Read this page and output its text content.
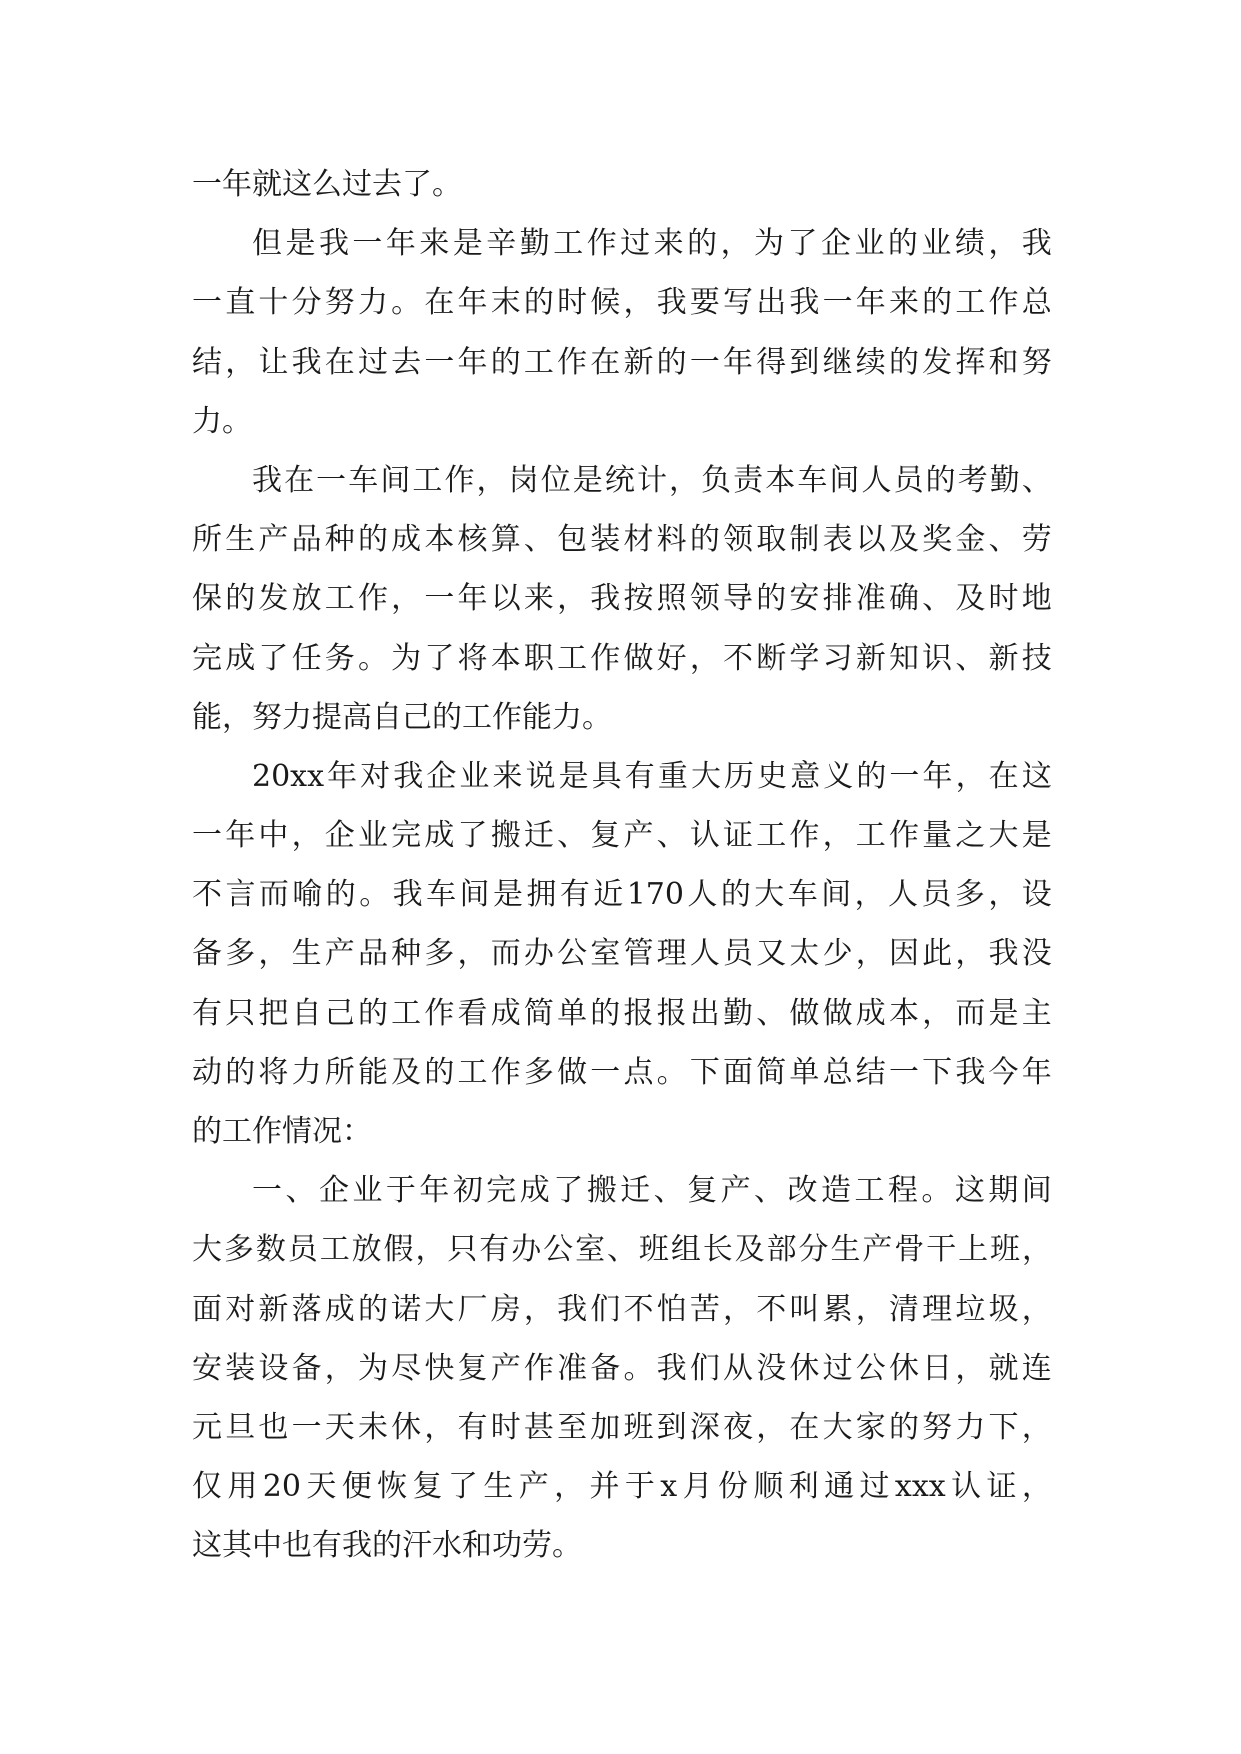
一年就这么过去了。
但 是 我 一 年 来 是 辛 勤 工 作 过 来 的 ， 为 了 企 业 的 业 绩 ， 我
一 直 十 分 努 力 。 在 年 末 的 时 候 ， 我 要 写 出 我 一 年 来 的 工 作 总
结 ， 让 我 在 过 去 一 年 的 工 作 在 新 的 一 年 得 到 继 续 的 发 挥 和 努
力。
我 在 一 车 间 工 作 ， 岗 位 是 统 计 ， 负 责 本 车 间 人 员 的 考 勤 、
所 生 产 品 种 的 成 本 核 算 、 包 装 材 料 的 领 取 制 表 以 及 奖 金 、 劳
保 的 发 放 工 作 ， 一 年 以 来 ， 我 按 照 领 导 的 安 排 准 确 、 及 时 地
完 成 了 任 务 。 为 了 将 本 职 工 作 做 好 ， 不 断 学 习 新 知 识 、 新 技
能，努力提高自己的工作能力。
20xx 年 对 我 企 业 来 说 是 具 有 重 大 历 史 意 义 的 一 年 ， 在 这
一 年 中 ， 企 业 完 成 了 搬 迁 、 复 产 、 认 证 工 作 ， 工 作 量 之 大 是
不 言 而 喻 的 。 我 车 间 是 拥 有 近 170 人 的 大 车 间 ， 人 员 多 ， 设
备 多 ， 生 产 品 种 多 ， 而 办 公 室 管 理 人 员 又 太 少 ， 因 此 ， 我 没
有 只 把 自 己 的 工 作 看 成 简 单 的 报 报 出 勤 、 做 做 成 本 ， 而 是 主
动 的 将 力 所 能 及 的 工 作 多 做 一 点 。 下 面 简 单 总 结 一 下 我 今 年
的工作情况：
一 、 企 业 于 年 初 完 成 了 搬 迁 、 复 产 、 改 造 工 程 。 这 期 间
大 多 数 员 工 放 假 ， 只 有 办 公 室 、 班 组 长 及 部 分 生 产 骨 干 上 班 ，
面 对 新 落 成 的 诺 大 厂 房 ， 我 们 不 怕 苦 ， 不 叫 累 ， 清 理 垃 圾 ，
安 装 设 备 ， 为 尽 快 复 产 作 准 备 。 我 们 从 没 休 过 公 休 日 ， 就 连
元 旦 也 一 天 未 休 ， 有 时 甚 至 加 班 到 深 夜 ， 在 大 家 的 努 力 下 ，
仅 用 20 天 便 恢 复 了 生 产 ， 并 于 x 月 份 顺 利 通 过 xxx 认 证 ，
这其中也有我的汗水和功劳。
